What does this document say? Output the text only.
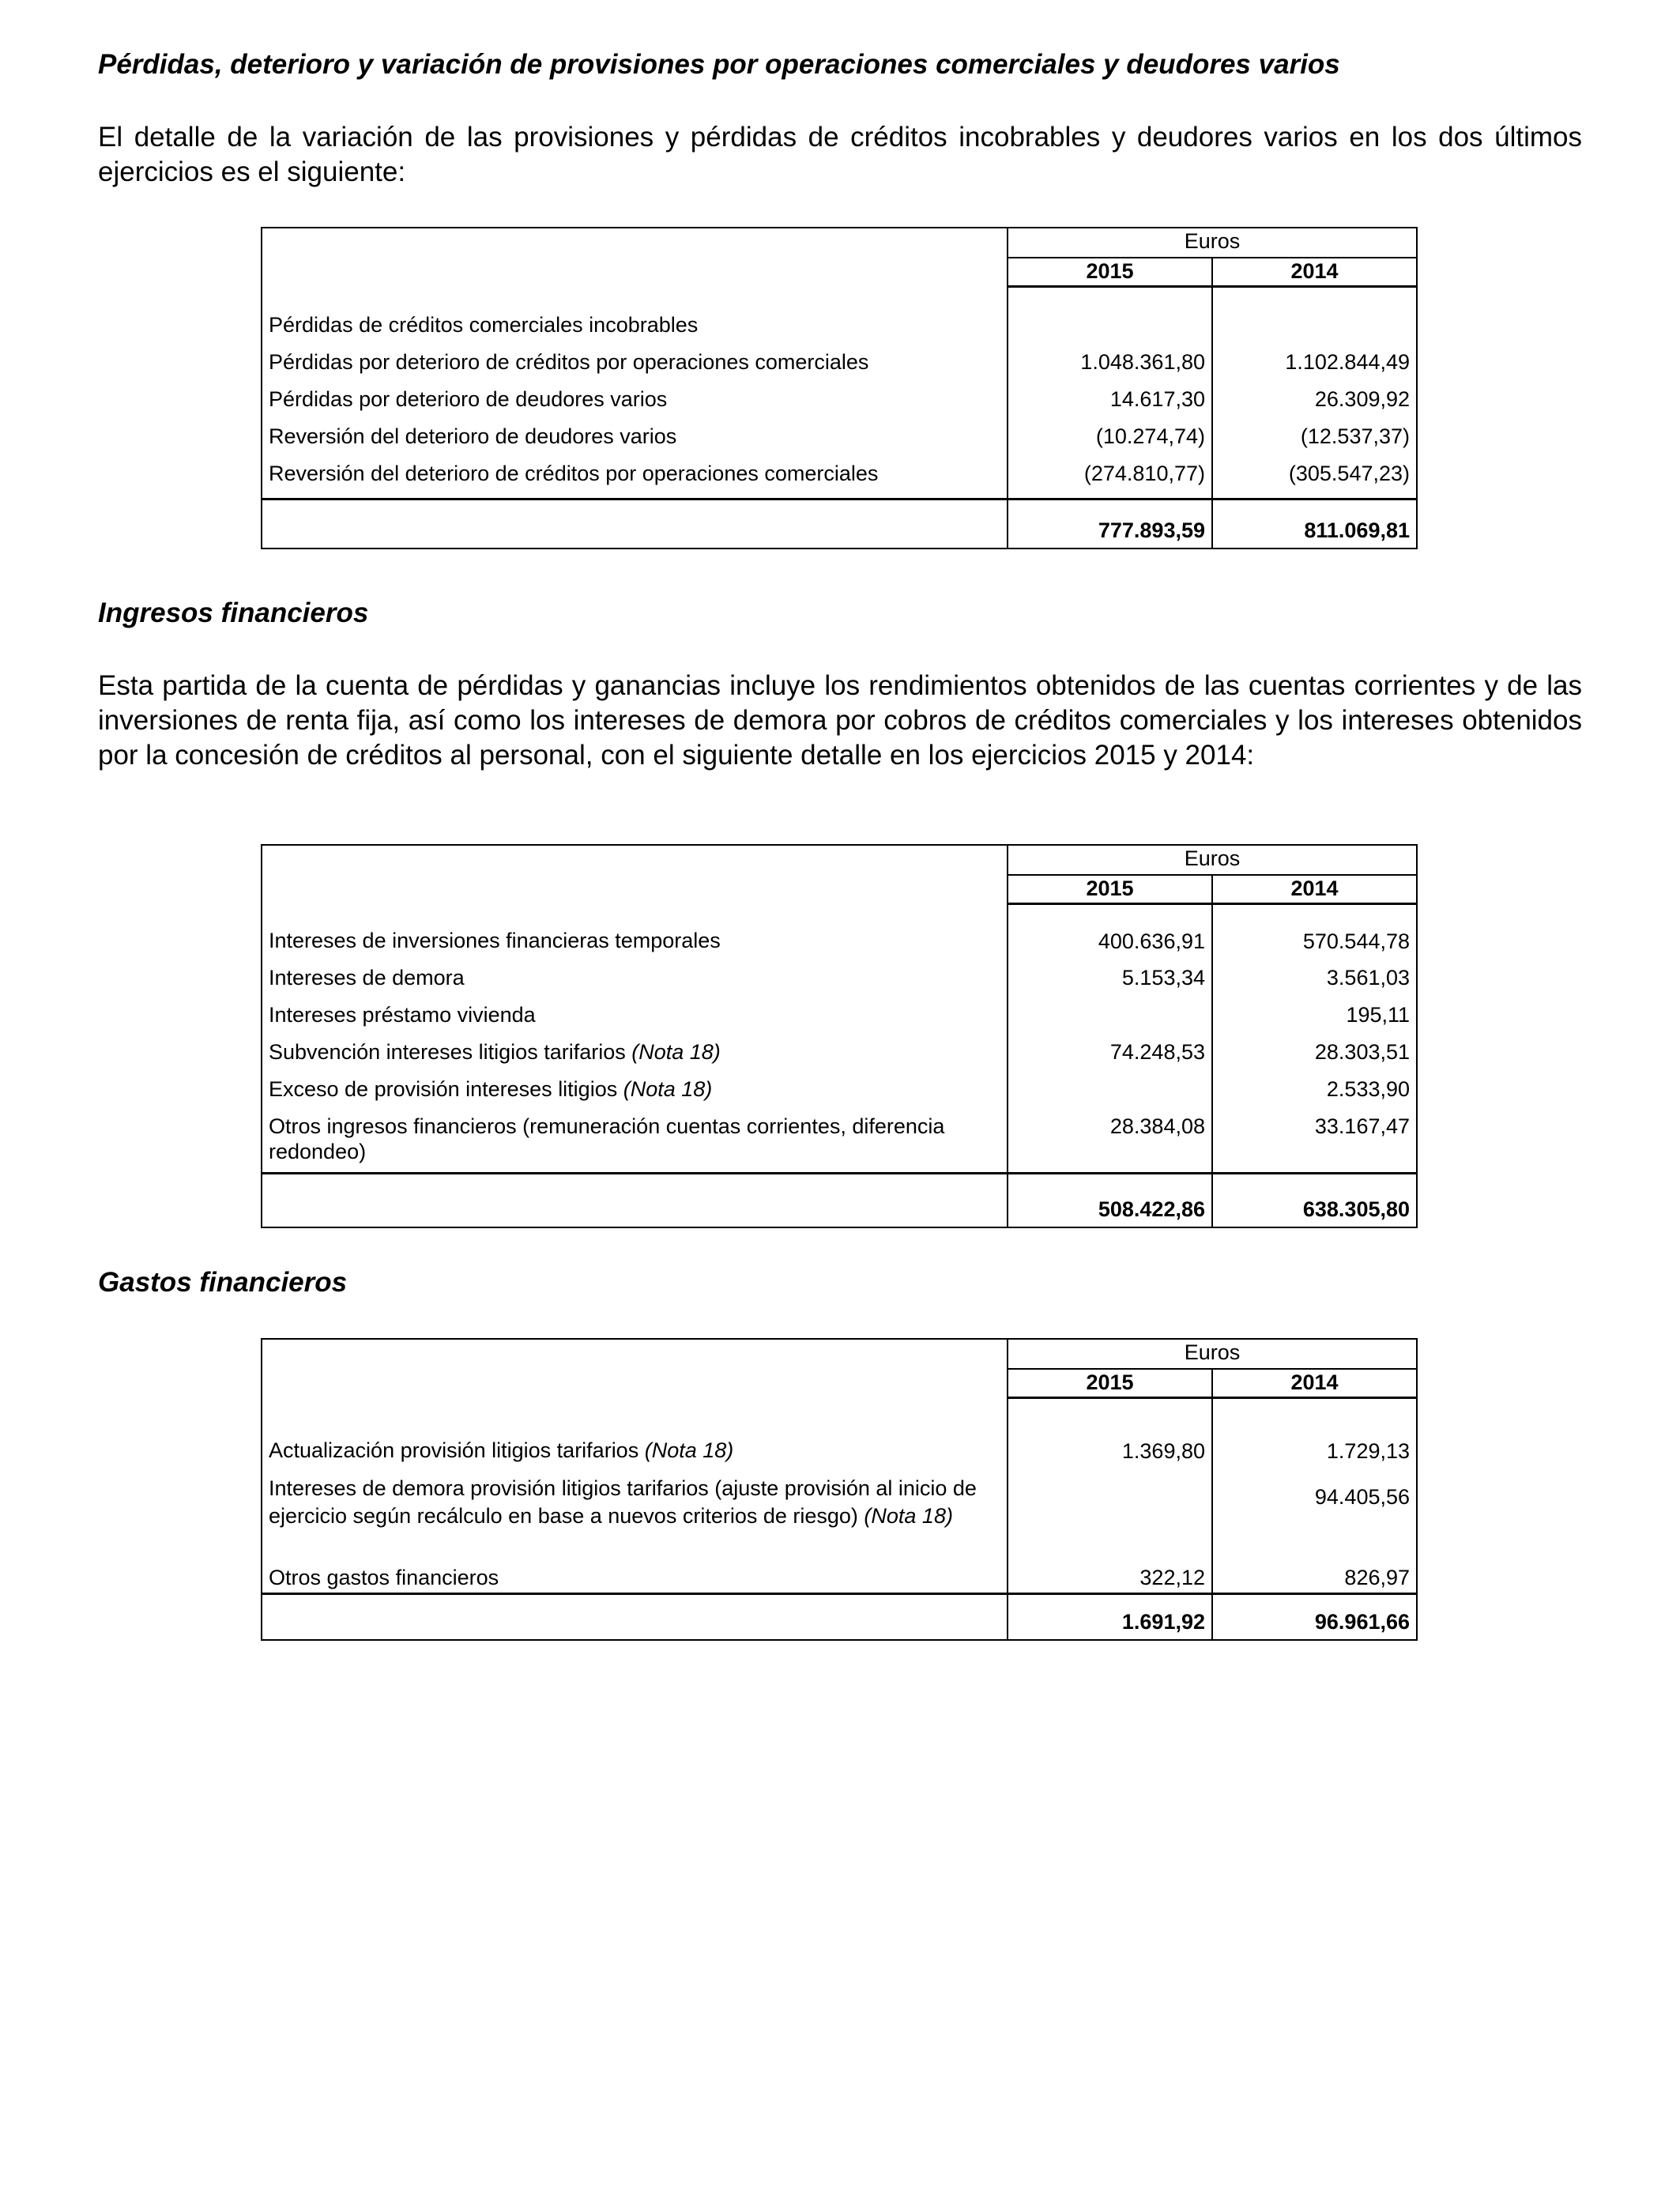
Pérdidas, deterioro y variación de provisiones por operaciones comerciales y deudores varios

El detalle de la variación de las provisiones y pérdidas de créditos incobrables y deudores varios en los dos últimos ejercicios es el siguiente:

	Euros	
	2015	2014
Pérdidas de créditos comerciales incobrables		
Pérdidas por deterioro de créditos por operaciones comerciales	1.048.361,80	1.102.844,49
Pérdidas por deterioro de deudores varios	14.617,30	26.309,92
Reversión del deterioro de deudores varios	(10.274,74)	(12.537,37)
Reversión del deterioro de créditos por operaciones comerciales	(274.810,77)	(305.547,23)
	777.893,59	811.069,81
Ingresos financieros

Esta partida de la cuenta de pérdidas y ganancias incluye los rendimientos obtenidos de las cuentas corrientes y de las inversiones de renta fija, así como los intereses de demora por cobros de créditos comerciales y los intereses obtenidos por la concesión de créditos al personal, con el siguiente detalle en los ejercicios 2015 y 2014:

	Euros	
	2015	2014
Intereses de inversiones financieras temporales	400.636,91	570.544,78
Intereses de demora	5.153,34	3.561,03
Intereses préstamo vivienda		195,11
Subvención intereses litigios tarifarios (Nota 18)	74.248,53	28.303,51
Exceso de provisión intereses litigios (Nota 18)		2.533,90
Otros ingresos financieros (remuneración cuentas corrientes, diferencia redondeo)	28.384,08	33.167,47
	508.422,86	638.305,80
Gastos financieros
	Euros	
	2015	2014
Actualización provisión litigios tarifarios (Nota 18)	1.369,80	1.729,13
Intereses de demora provisión litigios tarifarios (ajuste provisión al inicio de ejercicio según recálculo en base a nuevos criterios de riesgo) (Nota 18)		94.405,56
Otros gastos financieros	322,12	826,97
	1.691,92	96.961,66
